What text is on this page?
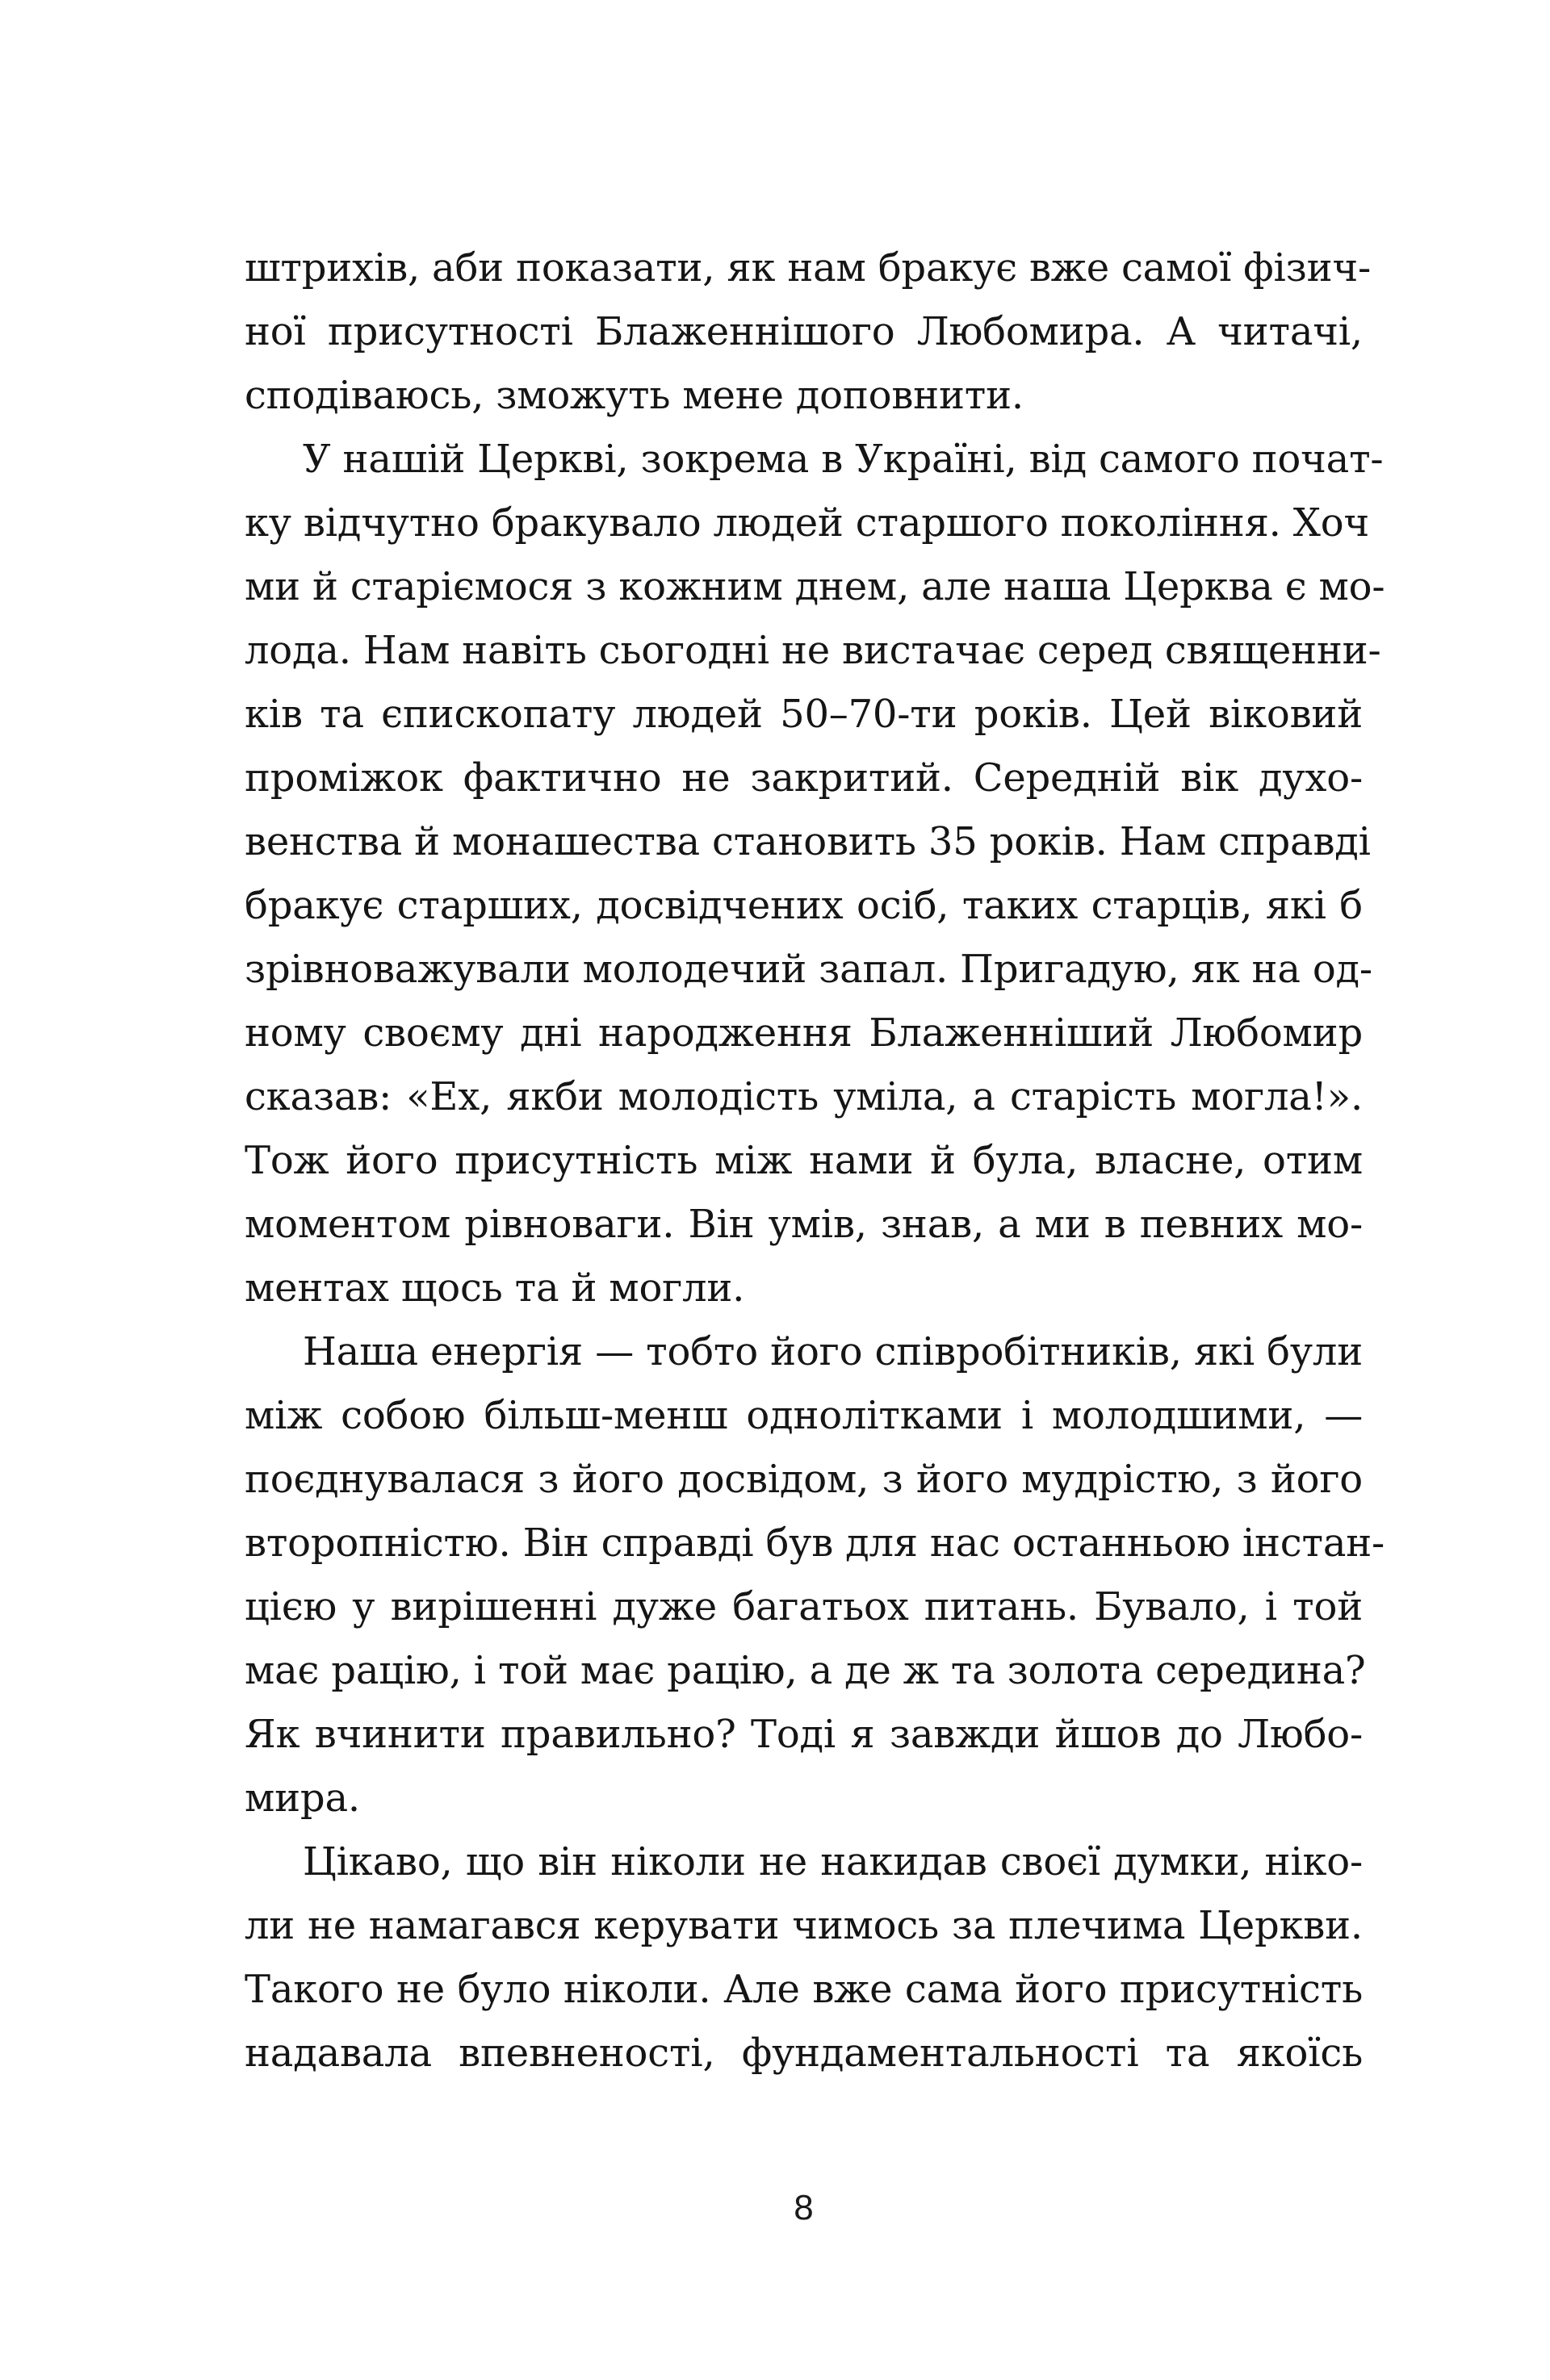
штрихів, аби показати, як нам бракує вже самої фізич-
ної присутності Блаженнішого Любомира. А читачі,
сподіваюсь, зможуть мене доповнити.
У нашій Церкві, зокрема в Україні, від самого почат-
ку відчутно бракувало людей старшого покоління. Хоч
ми й старіємося з кожним днем, але наша Церква є мо-
лода. Нам навіть сьогодні не вистачає серед священни-
ків та єпископату людей 50–70-ти років. Цей віковий
проміжок фактично не закритий. Середній вік духо-
венства й монашества становить 35 років. Нам справді
бракує старших, досвідчених осіб, таких старців, які б
зрівноважували молодечий запал. Пригадую, як на од-
ному своєму дні народження Блаженніший Любомир
сказав: «Ех, якби молодість уміла, а старість могла!».
Тож його присутність між нами й була, власне, отим
моментом рівноваги. Він умів, знав, а ми в певних мо-
ментах щось та й могли.
Наша енергія — тобто його співробітників, які були
між собою більш-менш однолітками і молодшими, —
поєднувалася з його досвідом, з його мудрістю, з його
второпністю. Він справді був для нас останньою інстан-
цією у вирішенні дуже багатьох питань. Бувало, і той
має рацію, і той має рацію, а де ж та золота середина?
Як вчинити правильно? Тоді я завжди йшов до Любо-
мира.
Цікаво, що він ніколи не накидав своєї думки, ніко-
ли не намагався керувати чимось за плечима Церкви.
Такого не було ніколи. Але вже сама його присутність
надавала впевненості, фундаментальності та якоїсь
8
